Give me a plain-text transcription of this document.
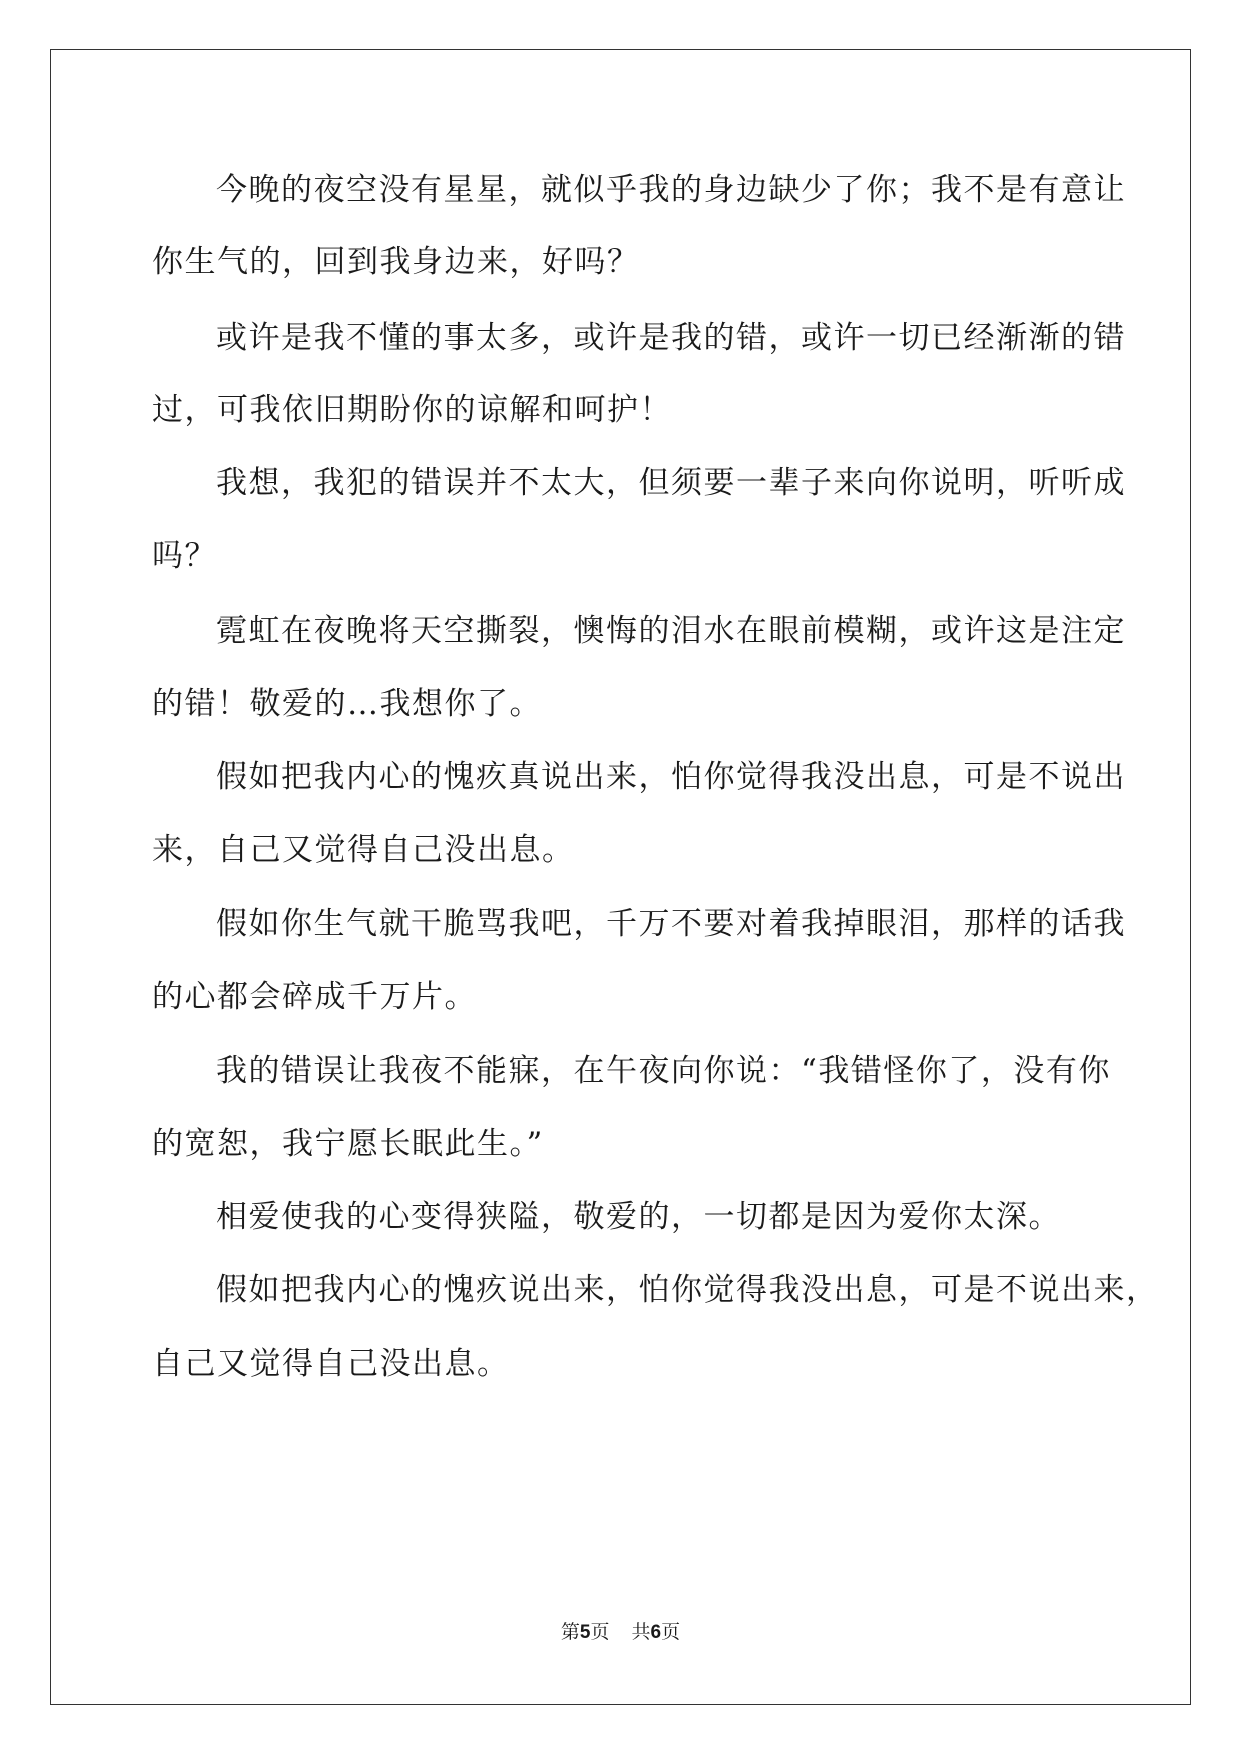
今晚的夜空没有星星，就似乎我的身边缺少了你；我不是有意让
你生气的，回到我身边来，好吗？
或许是我不懂的事太多，或许是我的错，或许一切已经渐渐的错
过，可我依旧期盼你的谅解和呵护！
我想，我犯的错误并不太大，但须要一辈子来向你说明，听听成
吗？
霓虹在夜晚将天空撕裂，懊悔的泪水在眼前模糊，或许这是注定
的错！敬爱的…我想你了。
假如把我内心的愧疚真说出来，怕你觉得我没出息，可是不说出
来，自己又觉得自己没出息。
假如你生气就干脆骂我吧，千万不要对着我掉眼泪，那样的话我
的心都会碎成千万片。
我的错误让我夜不能寐，在午夜向你说：“我错怪你了，没有你
的宽恕，我宁愿长眠此生。”
相爱使我的心变得狭隘，敬爱的，一切都是因为爱你太深。
假如把我内心的愧疚说出来，怕你觉得我没出息，可是不说出来，
自己又觉得自己没出息。
第5页 共6页
